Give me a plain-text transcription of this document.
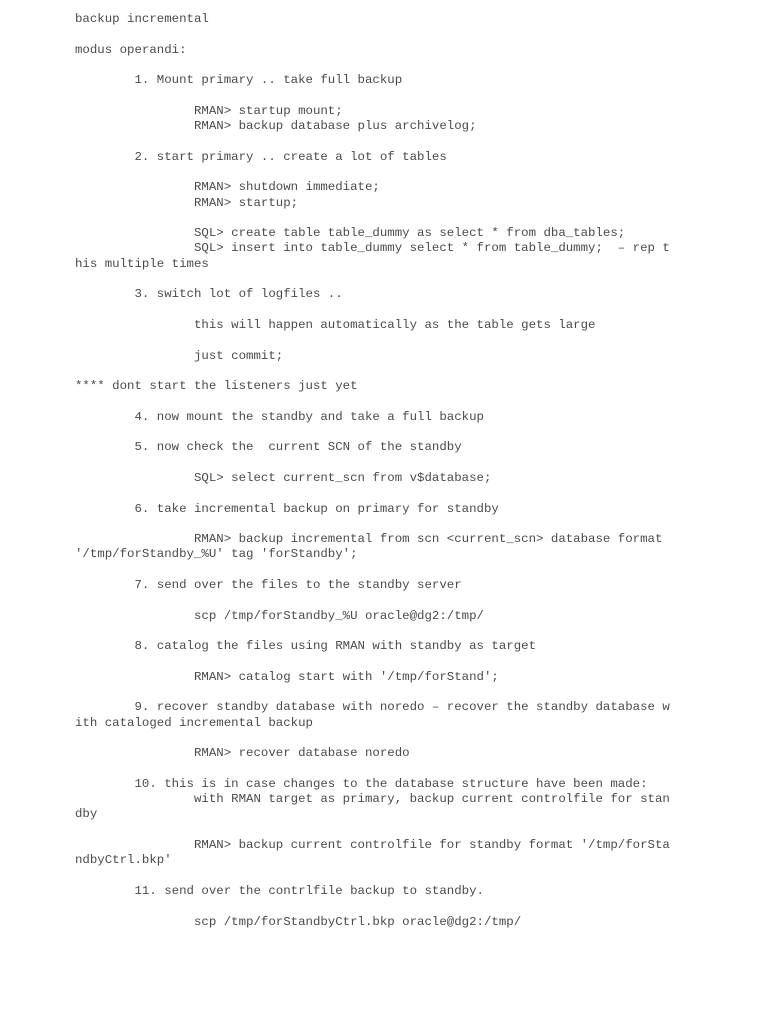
backup incremental
modus operandi:
1. Mount primary .. take full backup
RMAN> startup mount;
RMAN> backup database plus archivelog;
2. start primary .. create a lot of tables
RMAN> shutdown immediate;
RMAN> startup;
SQL> create table table_dummy as select * from dba_tables;
SQL> insert into table_dummy select * from table_dummy;  – rep t
his multiple times
3. switch lot of logfiles ..
this will happen automatically as the table gets large
just commit;
**** dont start the listeners just yet
4. now mount the standby and take a full backup
5. now check the  current SCN of the standby
SQL> select current_scn from v$database;
6. take incremental backup on primary for standby
RMAN> backup incremental from scn <current_scn> database format
'/tmp/forStandby_%U' tag 'forStandby';
7. send over the files to the standby server
scp /tmp/forStandby_%U oracle@dg2:/tmp/
8. catalog the files using RMAN with standby as target
RMAN> catalog start with '/tmp/forStand';
9. recover standby database with noredo – recover the standby database w
ith cataloged incremental backup
RMAN> recover database noredo
10. this is in case changes to the database structure have been made:
with RMAN target as primary, backup current controlfile for stan
dby
RMAN> backup current controlfile for standby format '/tmp/forSta
ndbyCtrl.bkp'
11. send over the contrlfile backup to standby.
scp /tmp/forStandbyCtrl.bkp oracle@dg2:/tmp/
